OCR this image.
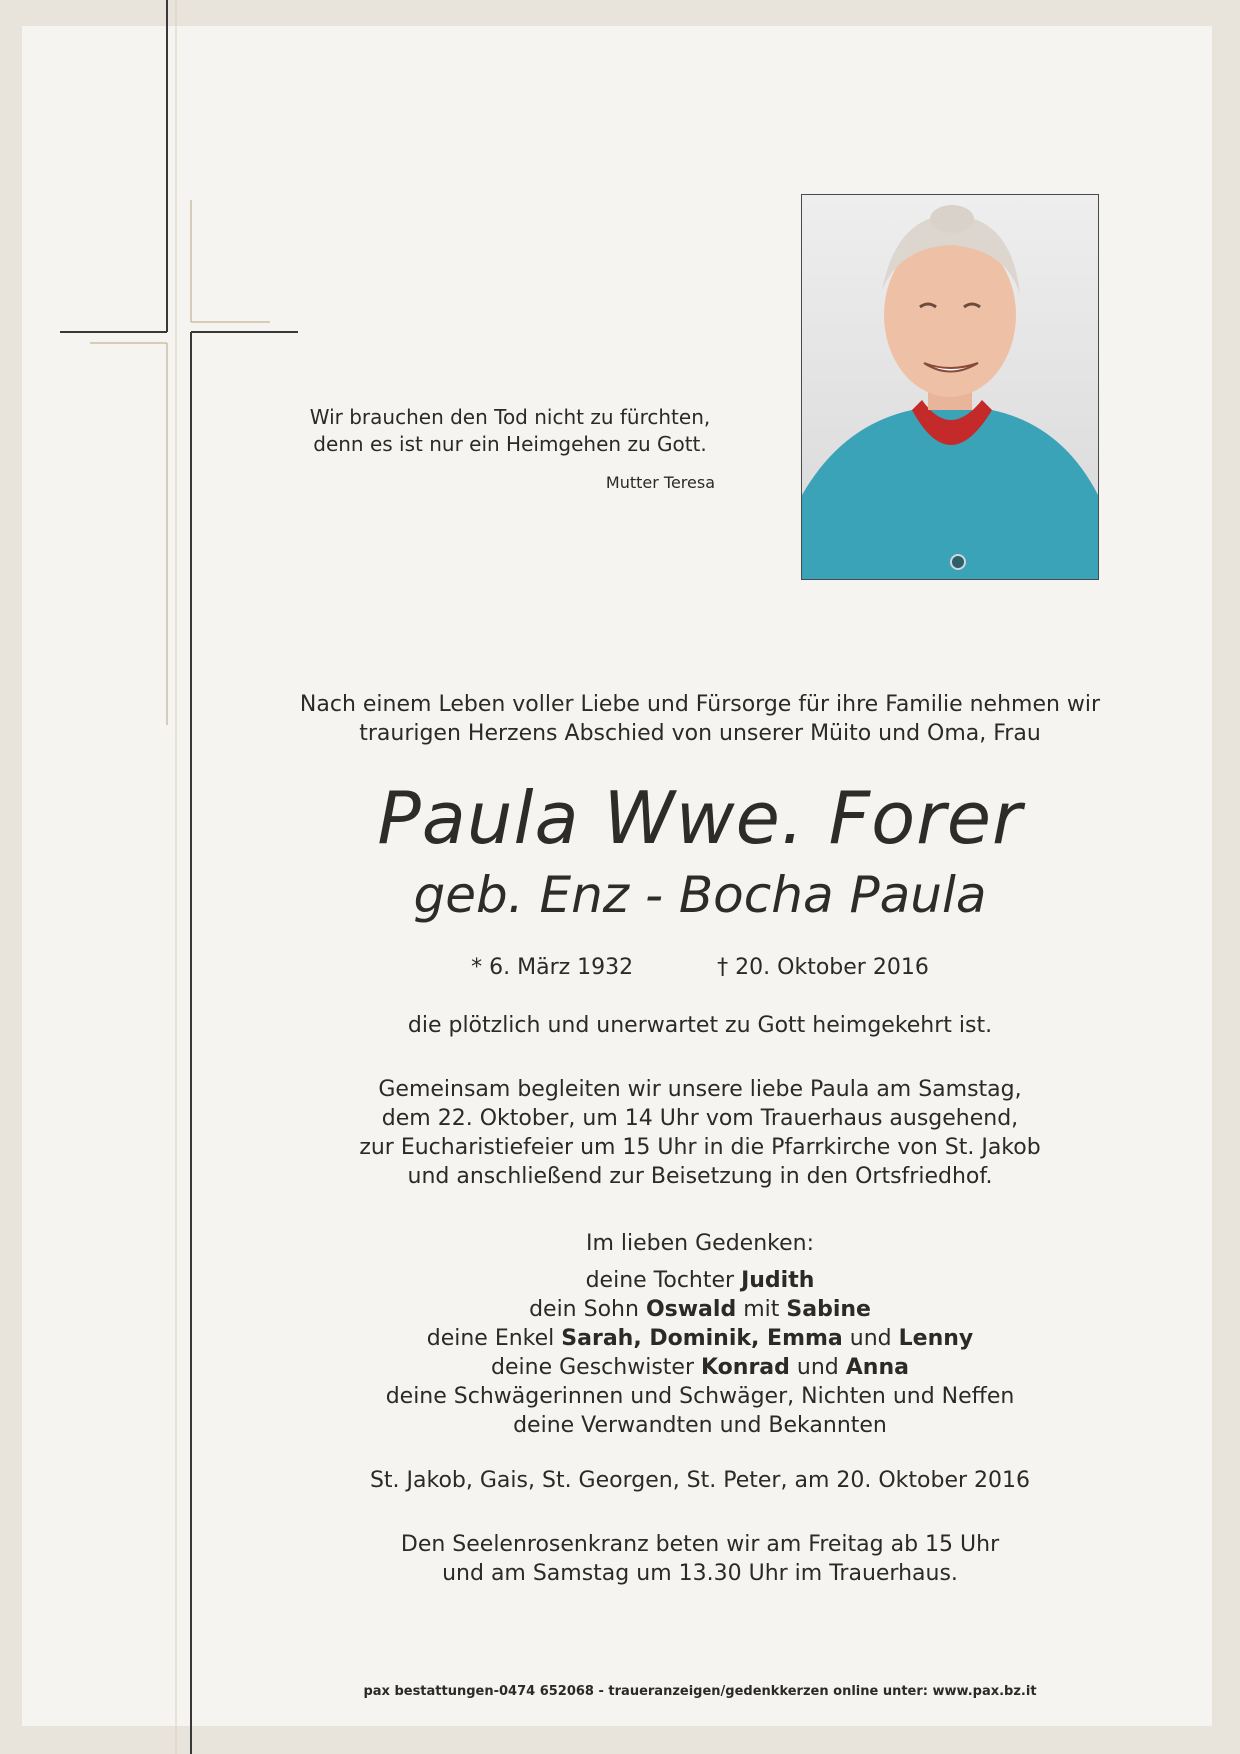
Wir brauchen den Tod nicht zu fürchten,
denn es ist nur ein Heimgehen zu Gott.
Mutter Teresa
Nach einem Leben voller Liebe und Fürsorge für ihre Familie nehmen wir
traurigen Herzens Abschied von unserer Müito und Oma, Frau
Paula Wwe. Forer
geb. Enz - Bocha Paula
* 6. März 1932	† 20. Oktober 2016
die plötzlich und unerwartet zu Gott heimgekehrt ist.
Gemeinsam begleiten wir unsere liebe Paula am Samstag,
dem 22. Oktober, um 14 Uhr vom Trauerhaus ausgehend,
zur Eucharistiefeier um 15 Uhr in die Pfarrkirche von St. Jakob
und anschließend zur Beisetzung in den Ortsfriedhof.
Im lieben Gedenken:
deine Tochter Judith
dein Sohn Oswald mit Sabine
deine Enkel Sarah, Dominik, Emma und Lenny
deine Geschwister Konrad und Anna
deine Schwägerinnen und Schwäger, Nichten und Neffen
deine Verwandten und Bekannten
St. Jakob, Gais, St. Georgen, St. Peter, am 20. Oktober 2016
Den Seelenrosenkranz beten wir am Freitag ab 15 Uhr
und am Samstag um 13.30 Uhr im Trauerhaus.
pax bestattungen-0474 652068 - traueranzeigen/gedenkkerzen online unter: www.pax.bz.it
